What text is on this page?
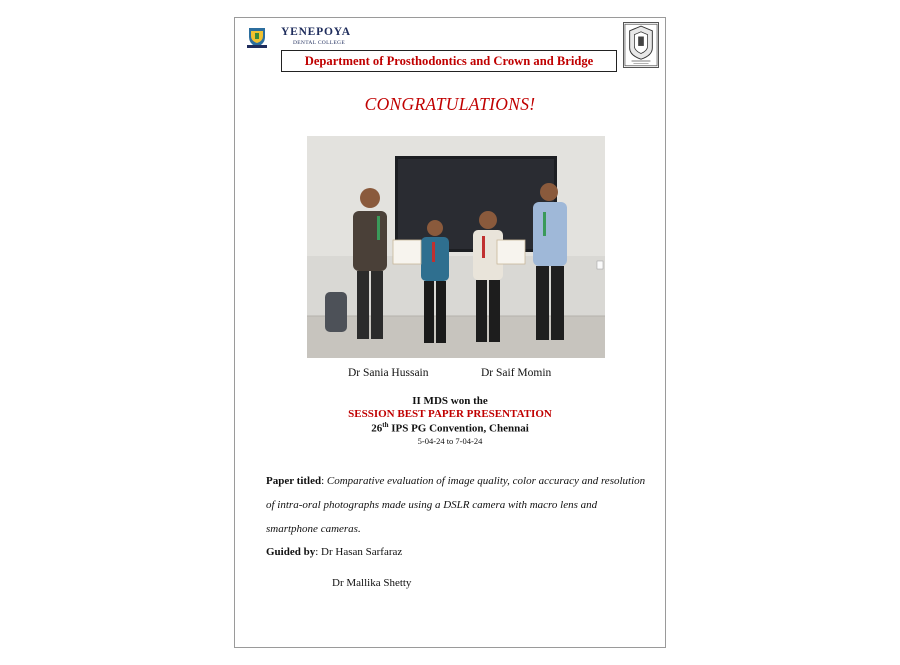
YENEPOYA
DENTAL COLLEGE
Department of Prosthodontics and Crown and Bridge
CONGRATULATIONS!
Dr Sania Hussain	Dr Saif Momin
II MDS won the
SESSION BEST PAPER PRESENTATION
26th IPS PG Convention, Chennai
5-04-24 to 7-04-24
Paper titled: Comparative evaluation of image quality, color accuracy and resolution of intra-oral photographs made using a DSLR camera with macro lens and smartphone cameras.
Guided by: Dr Hasan Sarfaraz
Dr Mallika Shetty
